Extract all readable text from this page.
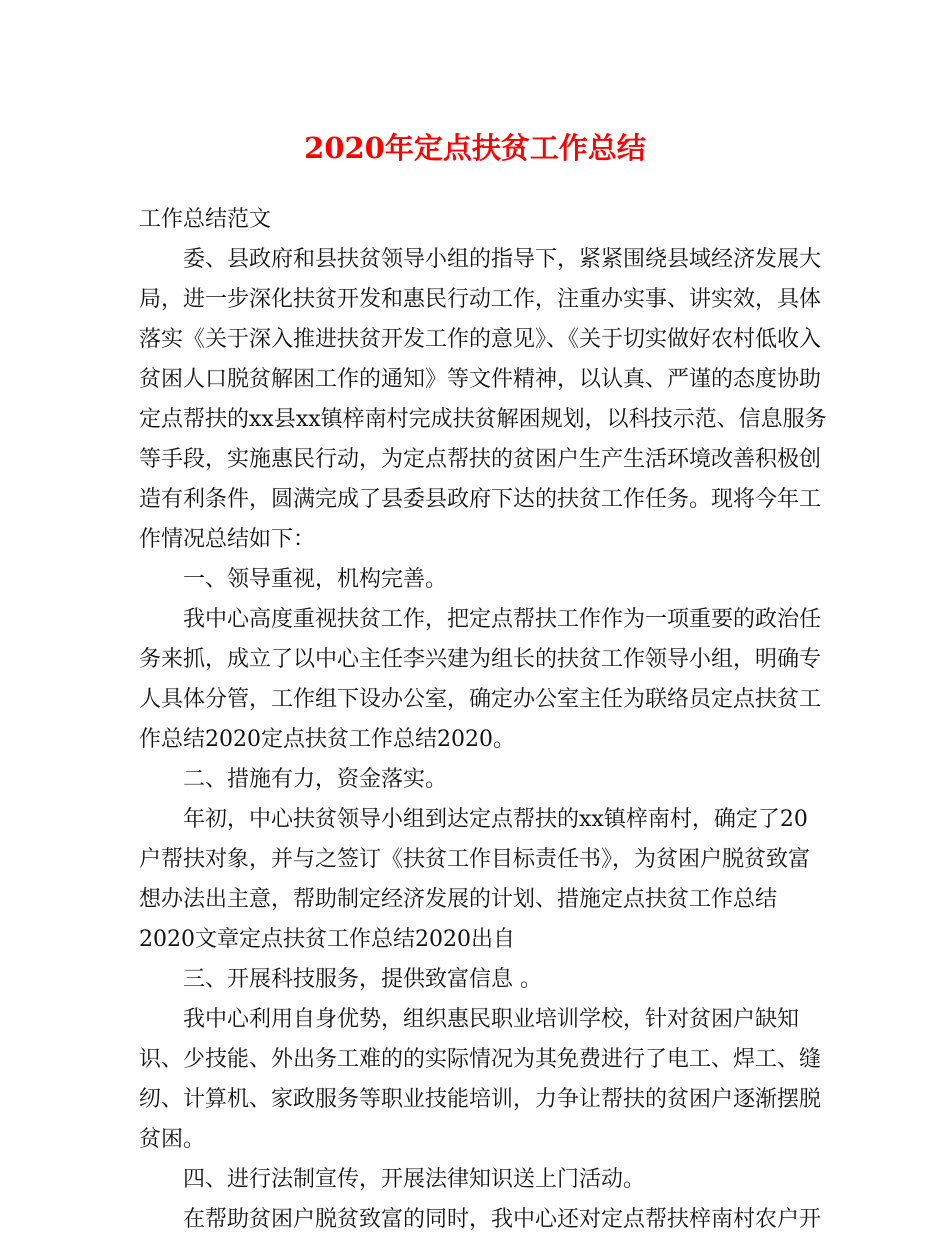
2020年定点扶贫工作总结

工作总结范文

委、县政府和县扶贫领导小组的指导下，紧紧围绕县域经济发展大局，进一步深化扶贫开发和惠民行动工作，注重办实事、讲实效，具体落实《关于深入推进扶贫开发工作的意见》、《关于切实做好农村低收入贫困人口脱贫解困工作的通知》等文件精神，以认真、严谨的态度协助定点帮扶的xx县xx镇梓南村完成扶贫解困规划，以科技示范、信息服务等手段，实施惠民行动，为定点帮扶的贫困户生产生活环境改善积极创造有利条件，圆满完成了县委县政府下达的扶贫工作任务。现将今年工作情况总结如下：

一、领导重视，机构完善。

我中心高度重视扶贫工作，把定点帮扶工作作为一项重要的政治任务来抓，成立了以中心主任李兴建为组长的扶贫工作领导小组，明确专人具体分管，工作组下设办公室，确定办公室主任为联络员定点扶贫工作总结2020定点扶贫工作总结2020。

二、措施有力，资金落实。

年初，中心扶贫领导小组到达定点帮扶的xx镇梓南村，确定了20户帮扶对象，并与之签订《扶贫工作目标责任书》，为贫困户脱贫致富想办法出主意，帮助制定经济发展的计划、措施定点扶贫工作总结2020文章定点扶贫工作总结2020出自

三、开展科技服务，提供致富信息 。

我中心利用自身优势，组织惠民职业培训学校，针对贫困户缺知识、少技能、外出务工难的的实际情况为其免费进行了电工、焊工、缝纫、计算机、家政服务等职业技能培训，力争让帮扶的贫困户逐渐摆脱贫困。

四、进行法制宣传，开展法律知识送上门活动。

在帮助贫困户脱贫致富的同时，我中心还对定点帮扶梓南村农户开
